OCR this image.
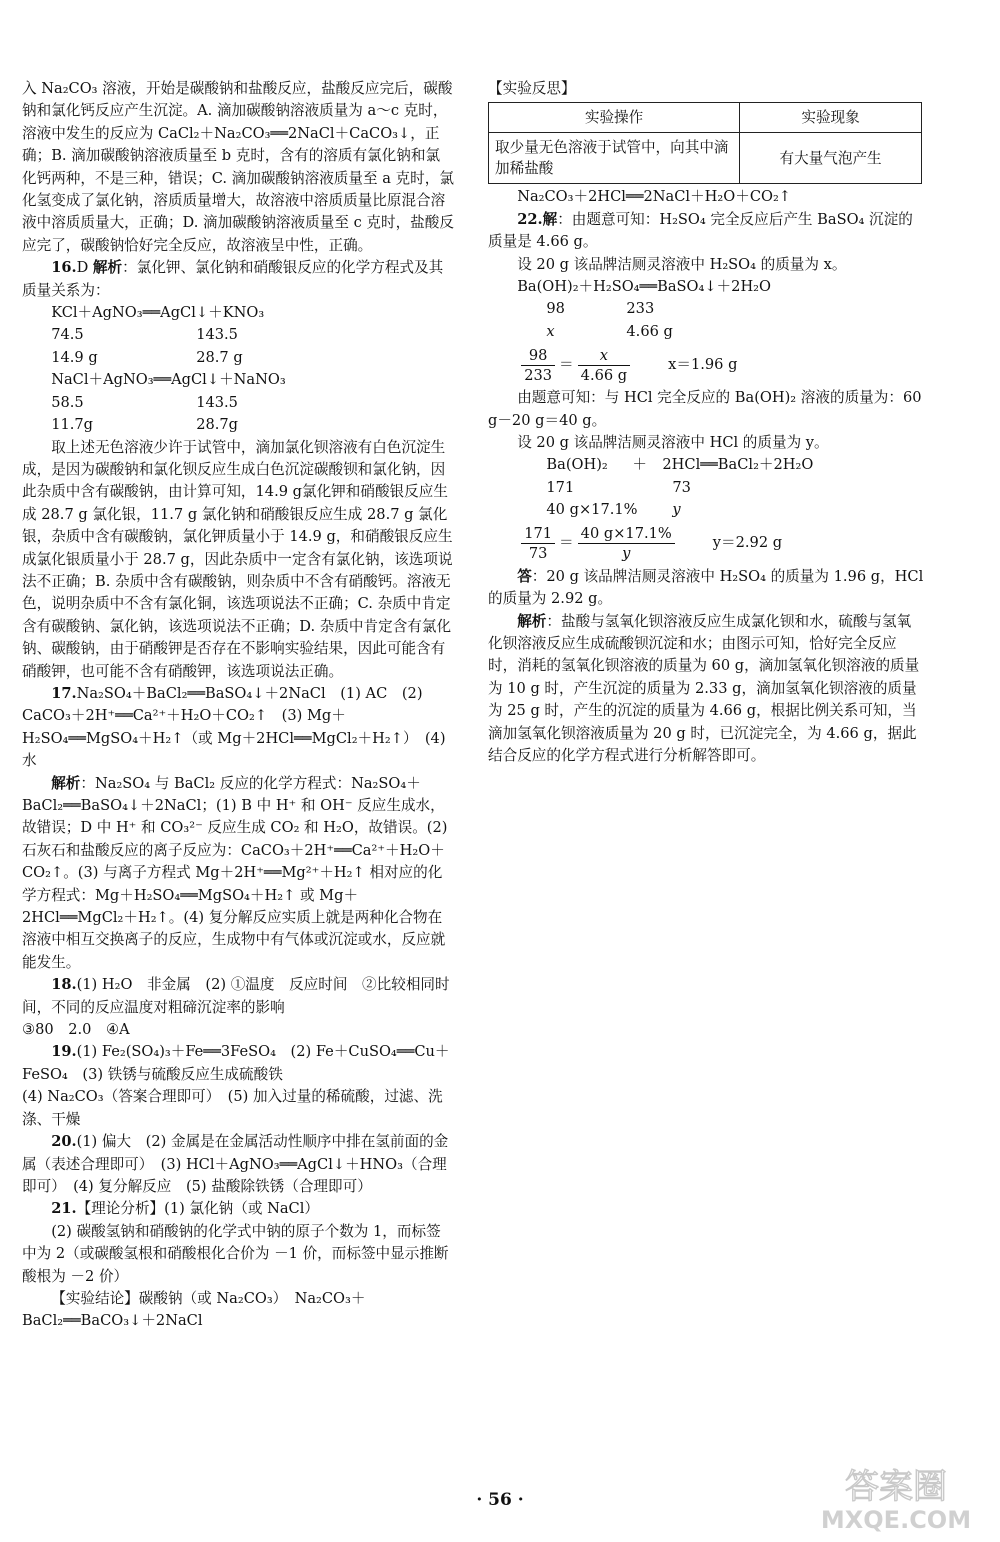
入 Na₂CO₃ 溶液，开始是碳酸钠和盐酸反应，盐酸反应完后，碳酸钠和氯化钙反应产生沉淀。A. 滴加碳酸钠溶液质量为 a～c 克时，溶液中发生的反应为 CaCl₂＋Na₂CO₃══2NaCl＋CaCO₃↓，正确；B. 滴加碳酸钠溶液质量至 b 克时，含有的溶质有氯化钠和氯化钙两种，不是三种，错误；C. 滴加碳酸钠溶液质量至 a 克时，氯化氢变成了氯化钠，溶质质量增大，故溶液中溶质质量比原混合溶液中溶质质量大，正确；D. 滴加碳酸钠溶液质量至 c 克时，盐酸反应完了，碳酸钠恰好完全反应，故溶液呈中性，正确。

16.D 解析：氯化钾、氯化钠和硝酸银反应的化学方程式及其质量关系为：

KCl＋AgNO₃══AgCl↓＋KNO₃

74.5	143.5
14.9 g	28.7 g

NaCl＋AgNO₃══AgCl↓＋NaNO₃

58.5	143.5
11.7g	28.7g

取上述无色溶液少许于试管中，滴加氯化钡溶液有白色沉淀生成，是因为碳酸钠和氯化钡反应生成白色沉淀碳酸钡和氯化钠，因此杂质中含有碳酸钠，由计算可知，14.9 g氯化钾和硝酸银反应生成 28.7 g 氯化银，11.7 g 氯化钠和硝酸银反应生成 28.7 g 氯化银，杂质中含有碳酸钠，氯化钾质量小于 14.9 g，和硝酸银反应生成氯化银质量小于 28.7 g，因此杂质中一定含有氯化钠，该选项说法不正确；B. 杂质中含有碳酸钠，则杂质中不含有硝酸钙。溶液无色，说明杂质中不含有氯化铜，该选项说法不正确；C. 杂质中肯定含有碳酸钠、氯化钠，该选项说法不正确；D. 杂质中肯定含有氯化钠、碳酸钠，由于硝酸钾是否存在不影响实验结果，因此可能含有硝酸钾，也可能不含有硝酸钾，该选项说法正确。

17.Na₂SO₄＋BaCl₂══BaSO₄↓＋2NaCl　(1) AC　(2) CaCO₃＋2H⁺══Ca²⁺＋H₂O＋CO₂↑　(3) Mg＋H₂SO₄══MgSO₄＋H₂↑（或 Mg＋2HCl══MgCl₂＋H₂↑）　(4) 水

解析：Na₂SO₄ 与 BaCl₂ 反应的化学方程式：Na₂SO₄＋BaCl₂══BaSO₄↓＋2NaCl；(1) B 中 H⁺ 和 OH⁻ 反应生成水，故错误；D 中 H⁺ 和 CO₃²⁻ 反应生成 CO₂ 和 H₂O，故错误。(2) 石灰石和盐酸反应的离子反应为：CaCO₃＋2H⁺══Ca²⁺＋H₂O＋CO₂↑。(3) 与离子方程式 Mg＋2H⁺══Mg²⁺＋H₂↑ 相对应的化学方程式：Mg＋H₂SO₄══MgSO₄＋H₂↑ 或 Mg＋2HCl══MgCl₂＋H₂↑。(4) 复分解反应实质上就是两种化合物在溶液中相互交换离子的反应，生成物中有气体或沉淀或水，反应就能发生。

18.(1) H₂O　非金属　(2) ①温度　反应时间　②比较相同时间，不同的反应温度对粗碲沉淀率的影响

③80　2.0　④A

19.(1) Fe₂(SO₄)₃＋Fe══3FeSO₄　(2) Fe＋CuSO₄══Cu＋FeSO₄　(3) 铁锈与硫酸反应生成硫酸铁

(4) Na₂CO₃（答案合理即可）　(5) 加入过量的稀硫酸，过滤、洗涤、干燥

20.(1) 偏大　(2) 金属是在金属活动性顺序中排在氢前面的金属（表述合理即可）　(3) HCl＋AgNO₃══AgCl↓＋HNO₃（合理即可）　(4) 复分解反应　(5) 盐酸除铁锈（合理即可）

21.【理论分析】(1) 氯化钠（或 NaCl）

(2) 碳酸氢钠和硝酸钠的化学式中钠的原子个数为 1，而标签中为 2（或碳酸氢根和硝酸根化合价为 －1 价，而标签中显示推断酸根为 －2 价）

【实验结论】碳酸钠（或 Na₂CO₃）　Na₂CO₃＋BaCl₂══BaCO₃↓＋2NaCl

【实验反思】

实验操作	实验现象
取少量无色溶液于试管中，向其中滴加稀盐酸	有大量气泡产生

Na₂CO₃＋2HCl══2NaCl＋H₂O＋CO₂↑

22.解：由题意可知：H₂SO₄ 完全反应后产生 BaSO₄ 沉淀的质量是 4.66 g。

设 20 g 该品牌洁厕灵溶液中 H₂SO₄ 的质量为 x。

Ba(OH)₂＋H₂SO₄══BaSO₄↓＋2H₂O

98	233
x	4.66 g
$\frac{98}{233} = \frac{x}{4.66 g}$	x＝1.96 g

由题意可知：与 HCl 完全反应的 Ba(OH)₂ 溶液的质量为：60 g－20 g＝40 g。

设 20 g 该品牌洁厕灵溶液中 HCl 的质量为 y。

Ba(OH)₂	＋	2HCl══BaCl₂＋2H₂O
171	73
40 g×17.1%	y
$\frac{171}{73} = \frac{40 g\times 17.1\%}{y}$	y＝2.92 g

答：20 g 该品牌洁厕灵溶液中 H₂SO₄ 的质量为 1.96 g，HCl 的质量为 2.92 g。

解析：盐酸与氢氧化钡溶液反应生成氯化钡和水，硫酸与氢氧化钡溶液反应生成硫酸钡沉淀和水；由图示可知，恰好完全反应时，消耗的氢氧化钡溶液的质量为 60 g，滴加氢氧化钡溶液的质量为 10 g 时，产生沉淀的质量为 2.33 g，滴加氢氧化钡溶液的质量为 25 g 时，产生的沉淀的质量为 4.66 g，根据比例关系可知，当滴加氢氧化钡溶液质量为 20 g 时，已沉淀完全，为 4.66 g，据此结合反应的化学方程式进行分析解答即可。

· 56 ·	答案圈
MXQE.COM
